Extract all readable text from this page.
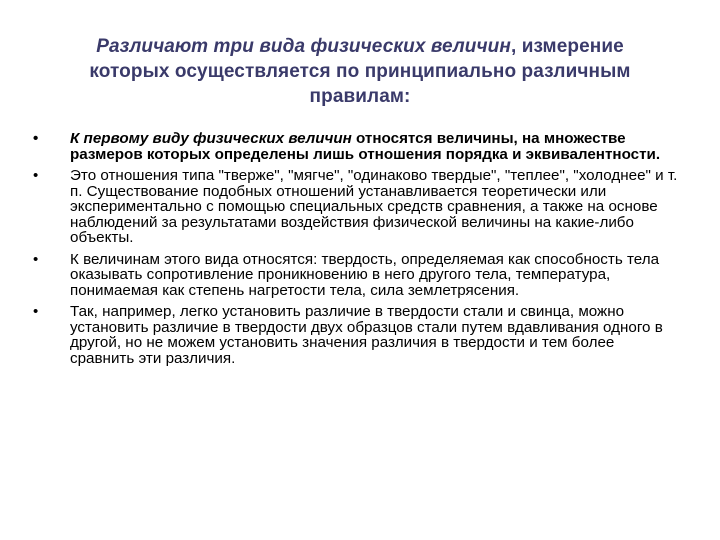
Различают три вида физических величин, измерение которых осуществляется по принципиально различным правилам:
• К первому виду физических величин относятся величины, на множестве размеров которых определены лишь отношения порядка и эквивалентности.
• Это отношения типа "тверже", "мягче", "одинаково твердые", "теплее", "холоднее" и т. п. Существование подобных отношений устанавливается теоретически или экспериментально с помощью специальных средств сравнения, а также на основе наблюдений за результатами воздействия физической величины на какие-либо объекты.
• К величинам этого вида относятся: твердость, определяемая как способность тела оказывать сопротивление проникновению в него другого тела, температура, понимаемая как степень нагретости тела, сила землетрясения.
• Так, например, легко установить различие в твердости стали и свинца, можно установить различие в твердости двух образцов стали путем вдавливания одного в другой, но не можем установить значения различия в твердости и тем более сравнить эти различия.
